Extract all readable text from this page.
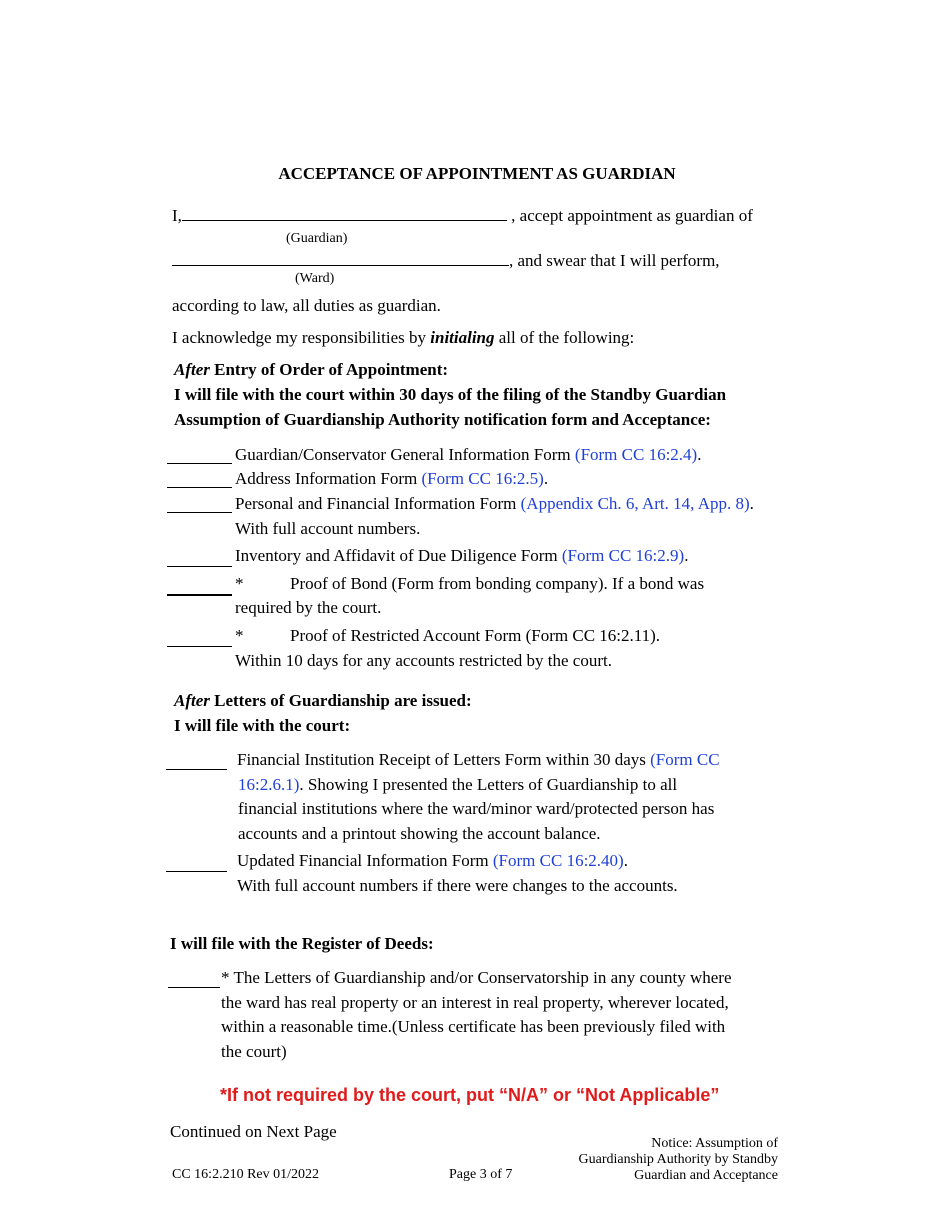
ACCEPTANCE OF APPOINTMENT AS GUARDIAN
I,	, accept appointment as guardian of
(Guardian)
, and swear that I will perform,
(Ward)
according to law, all duties as guardian.
I acknowledge my responsibilities by initialing all of the following:
After Entry of Order of Appointment:
I will file with the court within 30 days of the filing of the Standby Guardian
Assumption of Guardianship Authority notification form and Acceptance:
Guardian/Conservator General Information Form (Form CC 16:2.4).
Address Information Form (Form CC 16:2.5).
Personal and Financial Information Form (Appendix Ch. 6, Art. 14, App. 8).
With full account numbers.
Inventory and Affidavit of Due Diligence Form (Form CC 16:2.9).
*	Proof of Bond (Form from bonding company). If a bond was
required by the court.
*	Proof of Restricted Account Form (Form CC 16:2.11).
Within 10 days for any accounts restricted by the court.
After Letters of Guardianship are issued:
I will file with the court:
Financial Institution Receipt of Letters Form within 30 days (Form CC
16:2.6.1). Showing I presented the Letters of Guardianship to all
financial institutions where the ward/minor ward/protected person has
accounts and a printout showing the account balance.
Updated Financial Information Form (Form CC 16:2.40).
With full account numbers if there were changes to the accounts.
I will file with the Register of Deeds:
* The Letters of Guardianship and/or Conservatorship in any county where
the ward has real property or an interest in real property, wherever located,
within a reasonable time.(Unless certificate has been previously filed with
the court)
*If not required by the court, put “N/A” or “Not Applicable”
Continued on Next Page
CC 16:2.210 Rev 01/2022	Page 3 of 7
Notice: Assumption of
Guardianship Authority by Standby
Guardian and Acceptance
